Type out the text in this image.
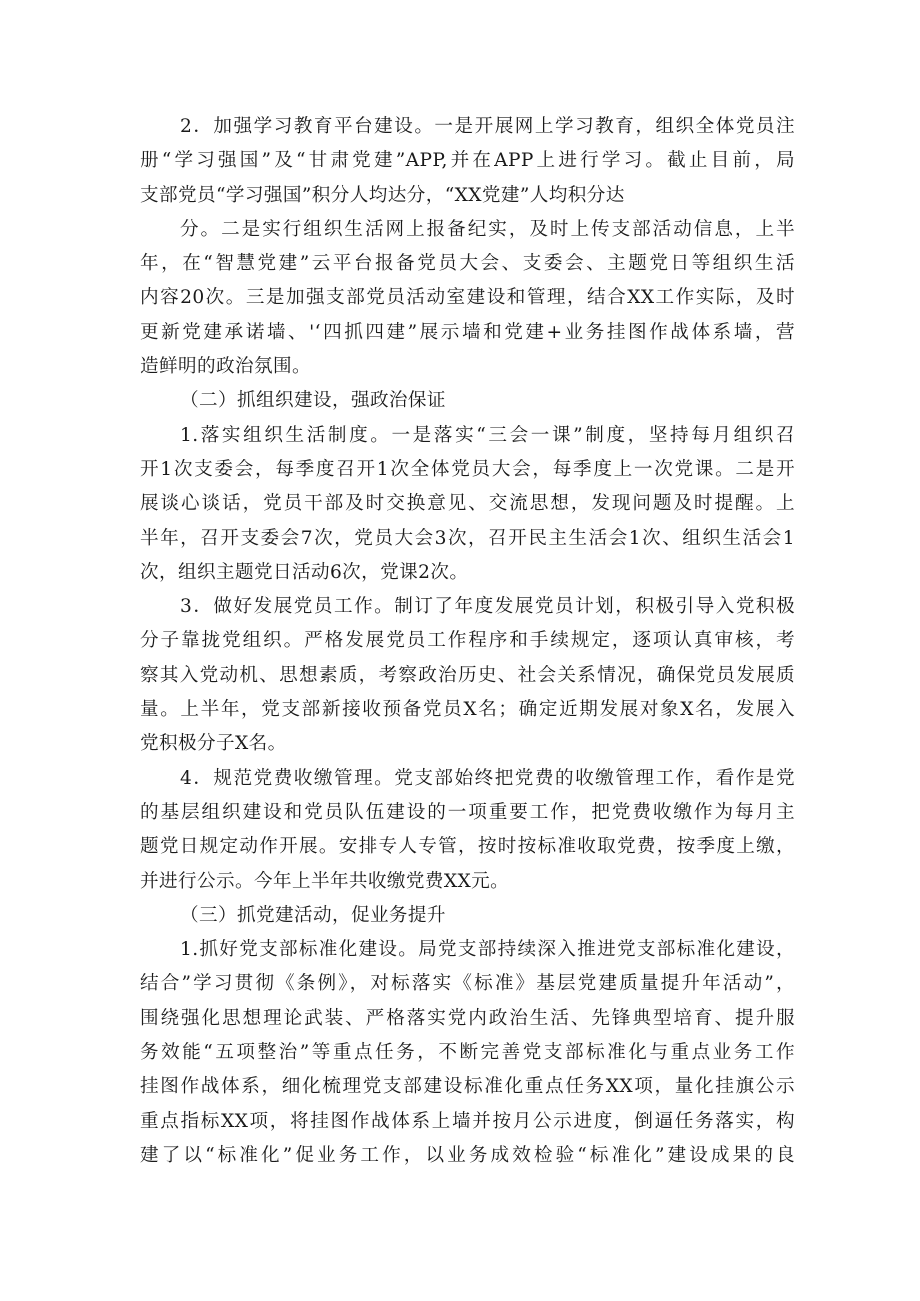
2．加强学习教育平台建设。一是开展网上学习教育，组织全体党员注
册“学习强国”及“甘肃党建”APP,并在APP上进行学习。截止目前，局
支部党员“学习强国”积分人均达分，“XX党建”人均积分达
分。二是实行组织生活网上报备纪实，及时上传支部活动信息，上半
年，在“智慧党建”云平台报备党员大会、支委会、主题党日等组织生活
内容20次。三是加强支部党员活动室建设和管理，结合XX工作实际，及时
更新党建承诺墙、'‘四抓四建”展示墙和党建+业务挂图作战体系墙，营
造鲜明的政治氛围。
（二）抓组织建设，强政治保证
1.落实组织生活制度。一是落实“三会一课”制度，坚持每月组织召
开1次支委会，每季度召开1次全体党员大会，每季度上一次党课。二是开
展谈心谈话，党员干部及时交换意见、交流思想，发现问题及时提醒。上
半年，召开支委会7次，党员大会3次，召开民主生活会1次、组织生活会1
次，组织主题党日活动6次，党课2次。
3．做好发展党员工作。制订了年度发展党员计划，积极引导入党积极
分子靠拢党组织。严格发展党员工作程序和手续规定，逐项认真审核，考
察其入党动机、思想素质，考察政治历史、社会关系情况，确保党员发展质
量。上半年，党支部新接收预备党员X名；确定近期发展对象X名，发展入
党积极分子X名。
4．规范党费收缴管理。党支部始终把党费的收缴管理工作，看作是党
的基层组织建设和党员队伍建设的一项重要工作，把党费收缴作为每月主
题党日规定动作开展。安排专人专管，按时按标准收取党费，按季度上缴，
并进行公示。今年上半年共收缴党费XX元。
（三）抓党建活动，促业务提升
1.抓好党支部标准化建设。局党支部持续深入推进党支部标准化建设，
结合”学习贯彻《条例》，对标落实《标准》基层党建质量提升年活动”，
围绕强化思想理论武装、严格落实党内政治生活、先锋典型培育、提升服
务效能“五项整治”等重点任务，不断完善党支部标准化与重点业务工作
挂图作战体系，细化梳理党支部建设标准化重点任务XX项，量化挂旗公示
重点指标XX项，将挂图作战体系上墙并按月公示进度，倒逼任务落实，构
建了以“标准化”促业务工作，以业务成效检验“标准化”建设成果的良
